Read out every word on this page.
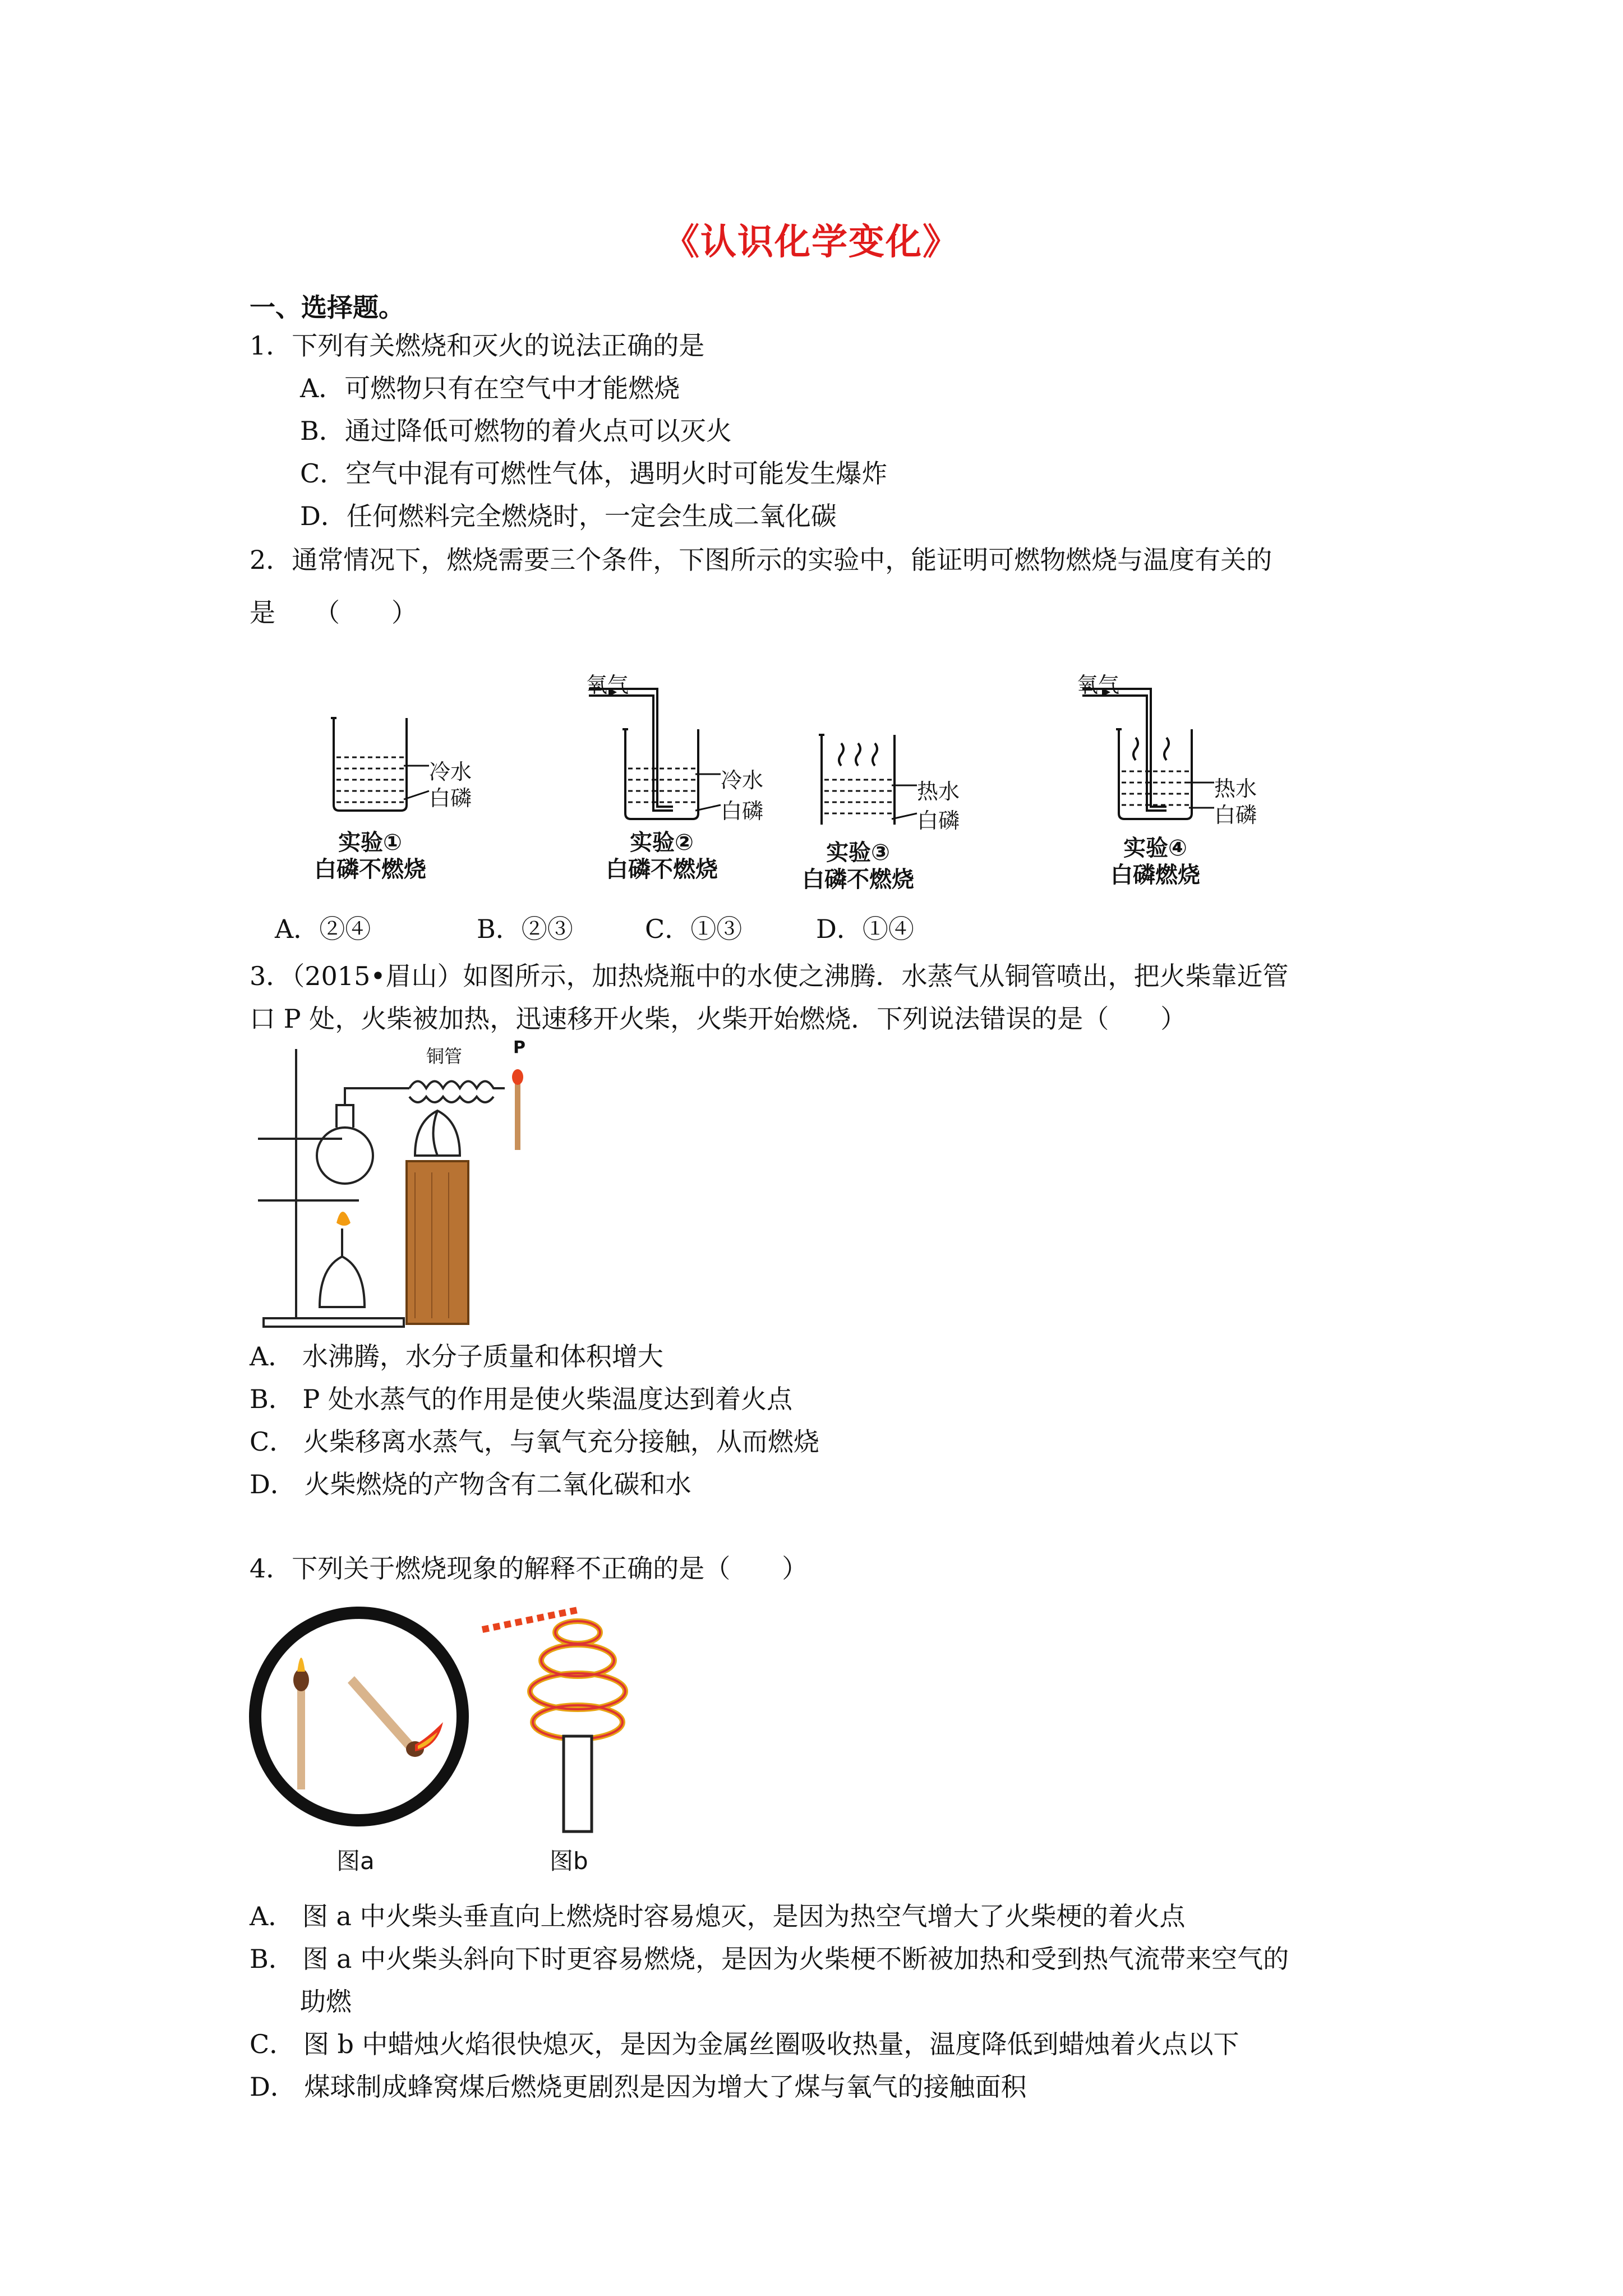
《认识化学变化》
一、选择题。
1．下列有关燃烧和灭火的说法正确的是
A．可燃物只有在空气中才能燃烧
B．通过降低可燃物的着火点可以灭火
C．空气中混有可燃性气体，遇明火时可能发生爆炸
D．任何燃料完全燃烧时，一定会生成二氧化碳
2．通常情况下，燃烧需要三个条件，下图所示的实验中，能证明可燃物燃烧与温度有关的
是　　（　　）
氧气	氧气
冷水
白磷
冷水
白磷
热水
白磷
热水
白磷
实验①
白磷不燃烧
实验②
白磷不燃烧
实验③
白磷不燃烧
实验④
白磷燃烧
A．②④	B．②③	C．①③	D．①④
3．（2015•眉山）如图所示，加热烧瓶中的水使之沸腾．水蒸气从铜管喷出，把火柴靠近管
口 P 处，火柴被加热，迅速移开火柴，火柴开始燃烧．下列说法错误的是（　　）
铜管	P
A． 水沸腾，水分子质量和体积增大
B． P 处水蒸气的作用是使火柴温度达到着火点
C． 火柴移离水蒸气，与氧气充分接触，从而燃烧
D． 火柴燃烧的产物含有二氧化碳和水
4．下列关于燃烧现象的解释不正确的是（　　）
图a	图b
A． 图 a 中火柴头垂直向上燃烧时容易熄灭，是因为热空气增大了火柴梗的着火点
B． 图 a 中火柴头斜向下时更容易燃烧，是因为火柴梗不断被加热和受到热气流带来空气的
助燃
C． 图 b 中蜡烛火焰很快熄灭，是因为金属丝圈吸收热量，温度降低到蜡烛着火点以下
D． 煤球制成蜂窝煤后燃烧更剧烈是因为增大了煤与氧气的接触面积
